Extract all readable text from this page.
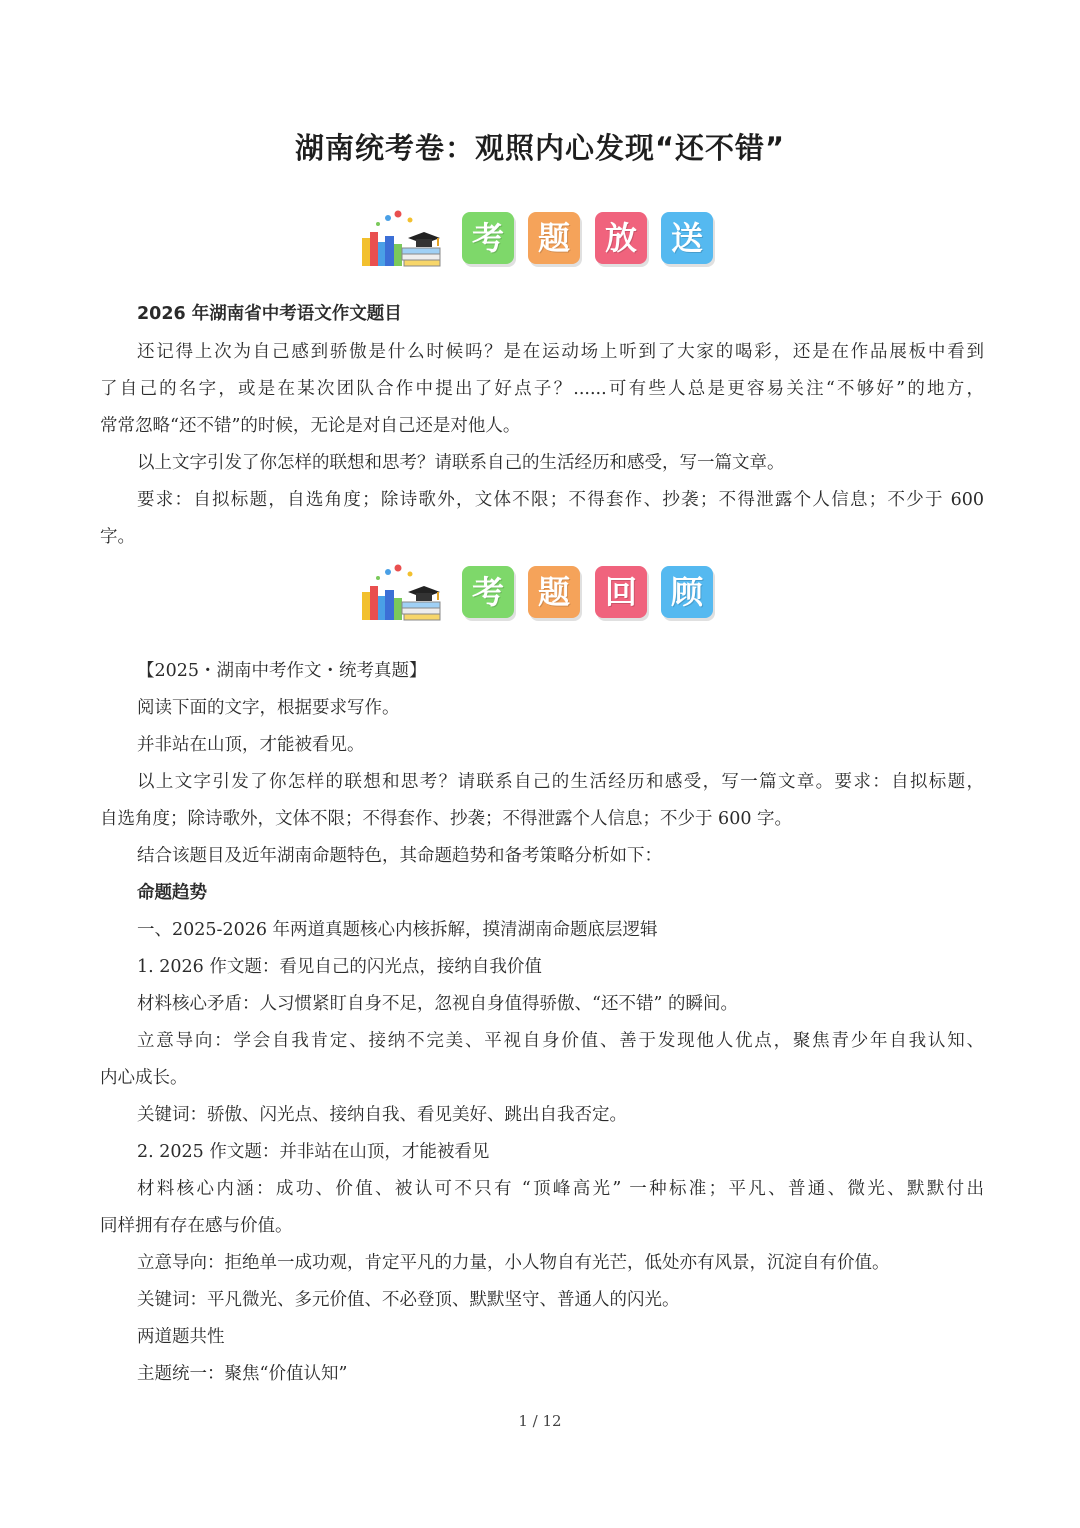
湖南统考卷：观照内心发现“还不错”
考	题	放	送
2026 年湖南省中考语文作文题目
还记得上次为自己感到骄傲是什么时候吗？是在运动场上听到了大家的喝彩，还是在作品展板中看到
了自己的名字，或是在某次团队合作中提出了好点子？......可有些人总是更容易关注“不够好”的地方，
常常忽略“还不错”的时候，无论是对自己还是对他人。
以上文字引发了你怎样的联想和思考？请联系自己的生活经历和感受，写一篇文章。
要求：自拟标题，自选角度；除诗歌外，文体不限；不得套作、抄袭；不得泄露个人信息；不少于 600
字。
考	题	回	顾
【2025・湖南中考作文・统考真题】
阅读下面的文字，根据要求写作。
并非站在山顶，才能被看见。
以上文字引发了你怎样的联想和思考？请联系自己的生活经历和感受，写一篇文章。要求：自拟标题，
自选角度；除诗歌外，文体不限；不得套作、抄袭；不得泄露个人信息；不少于 600 字。
结合该题目及近年湖南命题特色，其命题趋势和备考策略分析如下：
命题趋势
一、2025-2026 年两道真题核心内核拆解，摸清湖南命题底层逻辑
1. 2026 作文题：看见自己的闪光点，接纳自我价值
材料核心矛盾：人习惯紧盯自身不足，忽视自身值得骄傲、“还不错” 的瞬间。
立意导向：学会自我肯定、接纳不完美、平视自身价值、善于发现他人优点，聚焦青少年自我认知、
内心成长。
关键词：骄傲、闪光点、接纳自我、看见美好、跳出自我否定。
2. 2025 作文题：并非站在山顶，才能被看见
材料核心内涵：成功、价值、被认可不只有 “顶峰高光” 一种标准；平凡、普通、微光、默默付出
同样拥有存在感与价值。
立意导向：拒绝单一成功观，肯定平凡的力量，小人物自有光芒，低处亦有风景，沉淀自有价值。
关键词：平凡微光、多元价值、不必登顶、默默坚守、普通人的闪光。
两道题共性
主题统一：聚焦“价值认知”
1 / 12
